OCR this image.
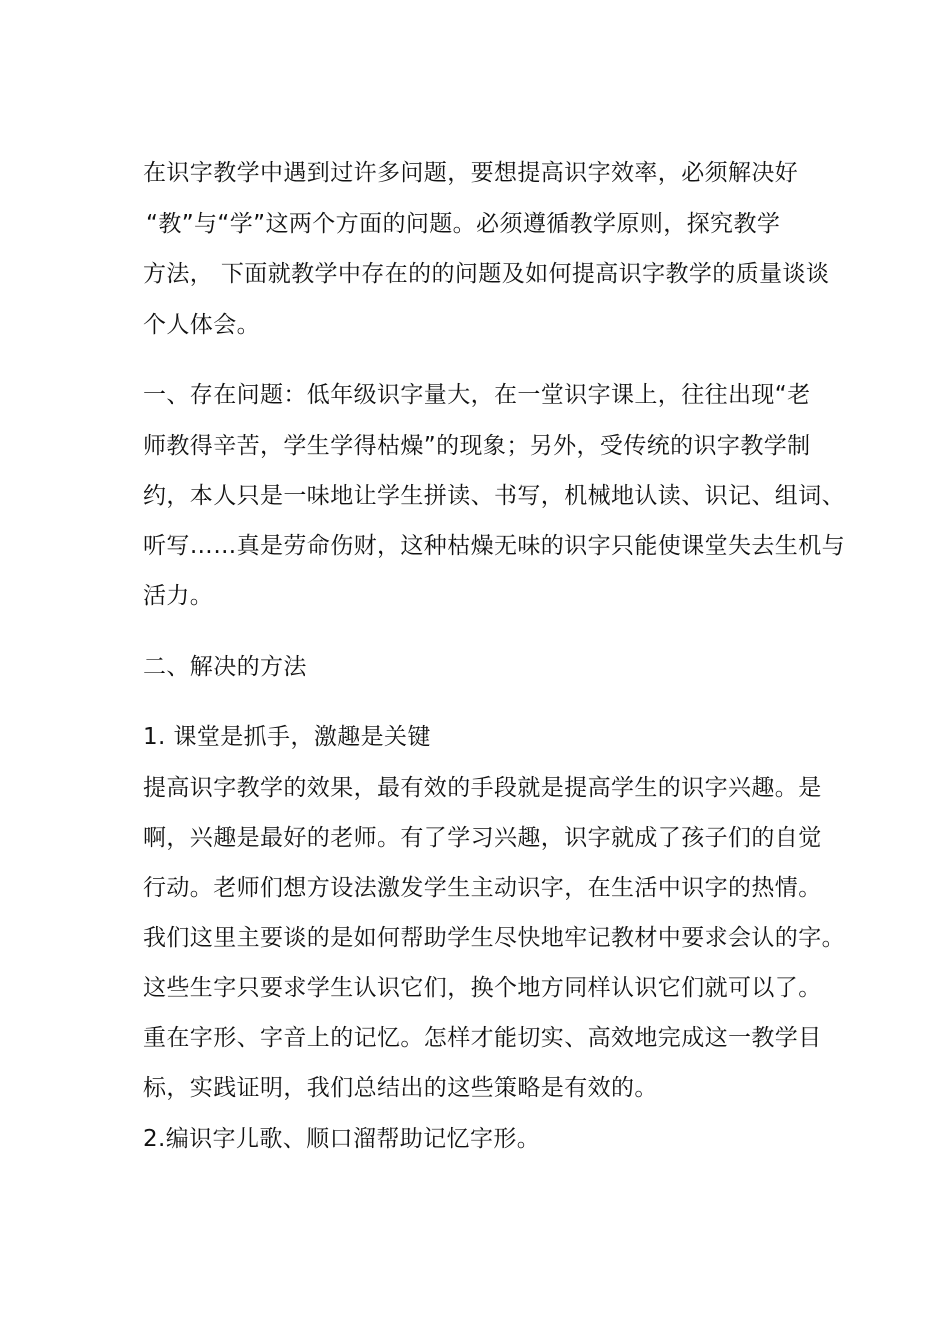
在识字教学中遇到过许多问题，要想提高识字效率，必须解决好

“教”与“学”这两个方面的问题。必须遵循教学原则，探究教学

方法， 下面就教学中存在的的问题及如何提高识字教学的质量谈谈

个人体会。

一、存在问题：低年级识字量大，在一堂识字课上，往往出现“老

师教得辛苦，学生学得枯燥”的现象；另外，受传统的识字教学制

约，本人只是一味地让学生拼读、书写，机械地认读、识记、组词、

听写……真是劳命伤财，这种枯燥无味的识字只能使课堂失去生机与

活力。

二、解决的方法

1. 课堂是抓手，激趣是关键

提高识字教学的效果，最有效的手段就是提高学生的识字兴趣。是

啊，兴趣是最好的老师。有了学习兴趣，识字就成了孩子们的自觉

行动。老师们想方设法激发学生主动识字，在生活中识字的热情。

我们这里主要谈的是如何帮助学生尽快地牢记教材中要求会认的字。

这些生字只要求学生认识它们，换个地方同样认识它们就可以了。

重在字形、字音上的记忆。怎样才能切实、高效地完成这一教学目

标，实践证明，我们总结出的这些策略是有效的。

2.编识字儿歌、顺口溜帮助记忆字形。
